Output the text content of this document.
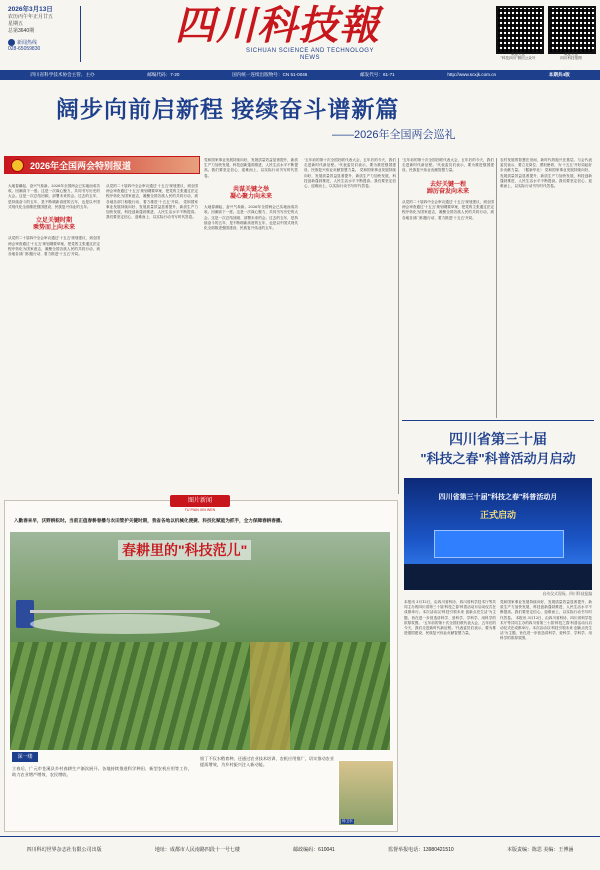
2026年3月13日
农历丙午年正月廿五
星期五
总第3640期
新闻热线
028-65059830	四川科技報
SICHUAN SCIENCE AND TECHNOLOGY
NEWS
欢迎关注
"科技四川"微信公众号
欢迎关注
四川科技报网
四川省科学技术协会主管、主办	邮编代码：7-20	国内统一连续出版物号：CN 51-0046	邮发代号：61-71	http://www.scxjk.com.cn	本期共4版
阔步向前启新程 接续奋斗谱新篇
——2026年全国两会巡礼
2026年全国两会特别报道
大地春潮起，奋兴气象新。2026年全国两会已实地而成功收。回潮高下一度。这是一次谋心聚力，共同书写历史的大会。这是一次总结回顾、部署未来的会。过去的五年，是持续奋斗的五年，是不断刷新高度的五年，也是以中国式现代化全面推进强国建设、民族复兴伟业的五年。
立足关键时期
乘势而上向未来
从党的二十届四中全会审议通过'十五五'规划建议，到全国两会审查通过'十五五'规划纲要草案，把党的主张通过法定程序转化为国家意志，凝聚全国各族人民的共同行动，到各地各部门积极行动、着力推进'十五五'开局。
从党的二十届四中全会审议通过'十五五'规划建议，到全国两会审查通过'十五五'规划纲要草案，把党的主张通过法定程序转化为国家意志，凝聚全国各族人民的共同行动，到各地各部门积极行动、着力推进'十五五'开局。 党和国家事业发展持续向好，发展质量效益显著提升，新质生产力加快发展，科技创新蓬勃推进，人民生活水平不断提高。我们要坚定信心、迎难而上，以实际行动书写时代答卷。
党和国家事业发展持续向好，发展质量效益显著提升，新质生产力加快发展，科技创新蓬勃推进，人民生活水平不断提高。我们要坚定信心、迎难而上，以实际行动书写时代答卷。
共谋关键之举
凝心聚力向未来
大地春潮起，奋兴气象新。2026年全国两会已实地而成功收。回潮高下一度。这是一次谋心聚力，共同书写历史的大会。这是一次总结回顾、部署未来的会。过去的五年，是持续奋斗的五年，是不断刷新高度的五年，也是以中国式现代化全面推进强国建设、民族复兴伟业的五年。
'五年前的第十次全国妇联代表大会，五年后的今天，我们走进新时代新征程。'代表委员们表示，要为推进强国建设、民族复兴伟业贡献智慧力量。 党和国家事业发展持续向好，发展质量效益显著提升，新质生产力加快发展，科技创新蓬勃推进，人民生活水平不断提高。我们要坚定信心、迎难而上，以实际行动书写时代答卷。
'五年前的第十次全国妇联代表大会，五年后的今天，我们走进新时代新征程。'代表委员们表示，要为推进强国建设、民族复兴伟业贡献智慧力量。
去好关键一程
踔厉奋发向未来
从党的二十届四中全会审议通过'十五五'规划建议，到全国两会审查通过'十五五'规划纲要草案，把党的主张通过法定程序转化为国家意志，凝聚全国各族人民的共同行动，到各地各部门积极行动、着力推进'十五五'开局。
农村发展的智慧在田间，新时代的振兴在基层。与会代表委员表示，要立足岗位、勇担使命，为'十五五'开好局起好步贡献力量。（据新华社） 党和国家事业发展持续向好，发展质量效益显著提升，新质生产力加快发展，科技创新蓬勃推进，人民生活水平不断提高。我们要坚定信心、迎难而上，以实际行动书写时代答卷。
四川省第三十届
"科技之春"科普活动月启动
四川省第三十届"科技之春"科普活动月
正式启动
启动仪式现场。四川科技报编
本报讯 3月12日，由四川省科协、四川省科学技术厅等共同主办的四川省第三十届'科技之春'科普活动月启动仪式在成都举行。本次活动以'科技引领未来 创新点亮生活'为主题，旨在进一步营造讲科学、爱科学、学科学、用科学的浓厚氛围。 '五年前的第十次全国妇联代表大会，五年后的今天，我们走进新时代新征程。'代表委员们表示，要为推进强国建设、民族复兴伟业贡献智慧力量。
党和国家事业发展持续向好，发展质量效益显著提升，新质生产力加快发展，科技创新蓬勃推进，人民生活水平不断提高。我们要坚定信心、迎难而上，以实际行动书写时代答卷。 本报讯 3月12日，由四川省科协、四川省科学技术厅等共同主办的四川省第三十届'科技之春'科普活动月启动仪式在成都举行。本次活动以'科技引领未来 创新点亮生活'为主题，旨在进一步营造讲科学、爱科学、学科学、用科学的浓厚氛围。
图片新闻
TU PIAN XIN WEN
入勤春来早，沃野耕耘时。当前正值春耕春播与农田管护关键时期，我省各地以机械化便捷、科技化赋能为抓手，全力保障春耕春播。
春耕里的"科技范儿"
深一缕
立春后，广元市苍溪县乡村春耕生产渐次展开。各地持续推进科学种田、新型农机应用等工作，助力农业增产增效、农民增收。
银丁不仅水稻育种，还通过农业技术培训、农机应用推广，切实推动农业提质增效，为乡村振兴注入新动能。
杨卫东
四川科幻世界杂志社有限公司出版	地址：成都市人民南路四段十一号七楼	邮政编码：610041	监督举报电话：13980421510	本版责编：陈思 美编：王博涵
